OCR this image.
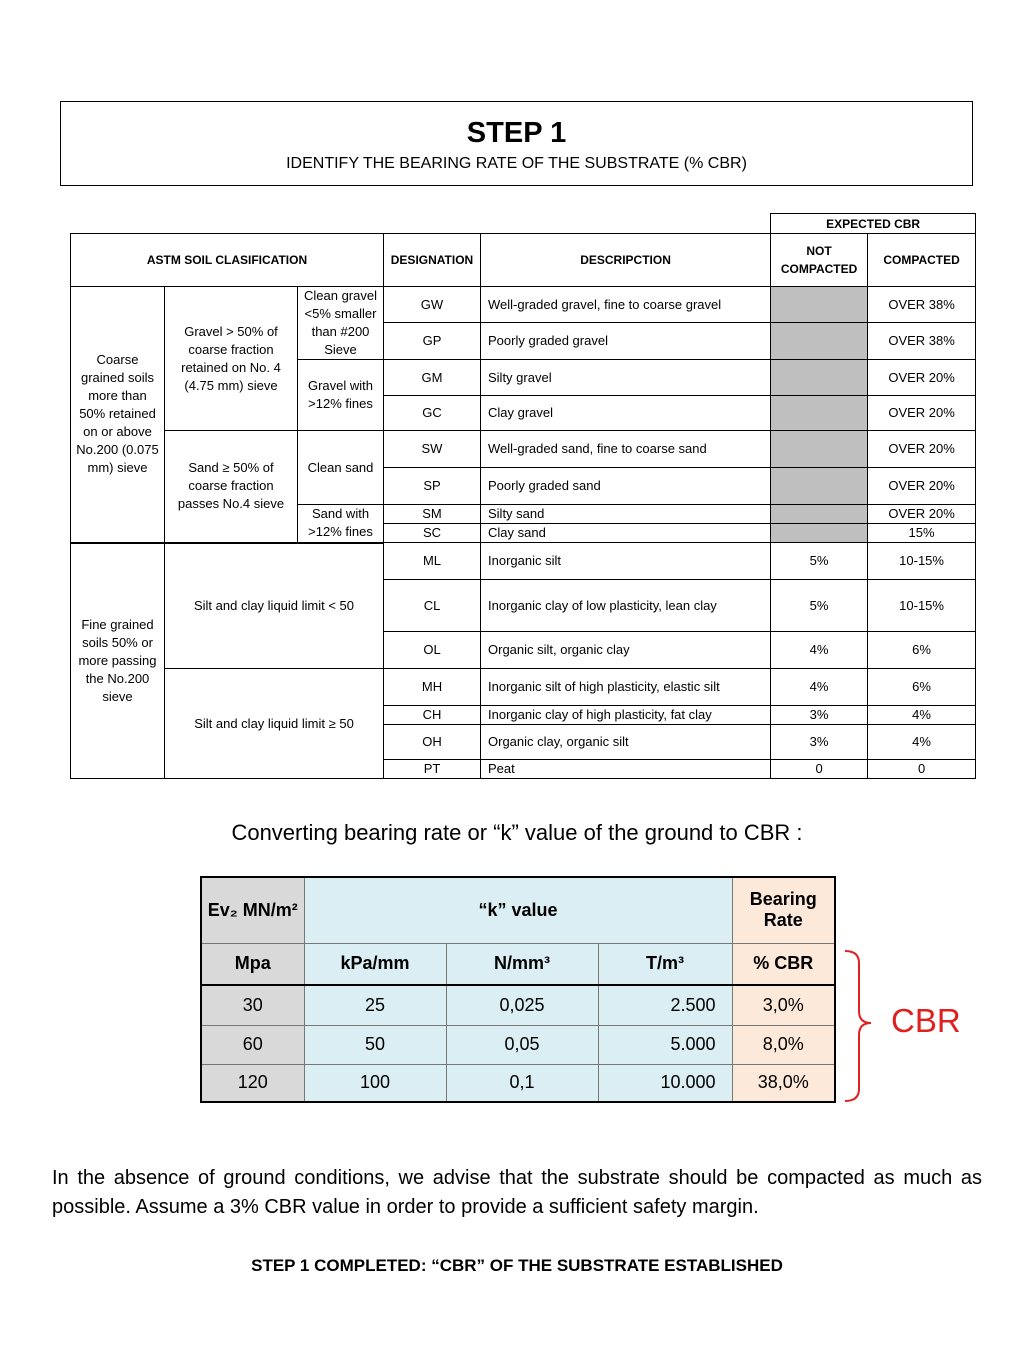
STEP 1
IDENTIFY THE BEARING RATE OF THE SUBSTRATE (% CBR)
					EXPECTED CBR	
ASTM SOIL CLASIFICATION			DESIGNATION	DESCRIPCTION	NOT COMPACTED	COMPACTED
Coarse grained soils more than 50% retained on or above No.200 (0.075 mm) sieve	Gravel > 50% of coarse fraction retained on No. 4 (4.75 mm) sieve	Clean gravel <5% smaller than #200 Sieve	GW	Well-graded gravel, fine to coarse gravel		OVER 38%
			GP	Poorly graded gravel		OVER 38%
		Gravel with >12% fines	GM	Silty gravel		OVER 20%
			GC	Clay gravel		OVER 20%
	Sand ≥ 50% of coarse fraction passes No.4 sieve	Clean sand	SW	Well-graded sand, fine to coarse sand		OVER 20%
			SP	Poorly graded sand		OVER 20%
		Sand with >12% fines	SM	Silty sand		OVER 20%
			SC	Clay sand		15%
Fine grained soils 50% or more passing the No.200 sieve	Silt and clay liquid limit < 50		ML	Inorganic silt	5%	10-15%
			CL	Inorganic clay of low plasticity, lean clay	5%	10-15%
			OL	Organic silt, organic clay	4%	6%
	Silt and clay liquid limit ≥ 50		MH	Inorganic silt of high plasticity, elastic silt	4%	6%
			CH	Inorganic clay of high plasticity, fat clay	3%	4%
			OH	Organic clay, organic silt	3%	4%
			PT	Peat	0	0
Converting bearing rate or “k” value of the ground to CBR :
Ev₂ MN/m²	“k” value			Bearing Rate
Mpa	kPa/mm	N/mm³	T/m³	% CBR
30	25	0,025	2.500	3,0%
60	50	0,05	5.000	8,0%
120	100	0,1	10.000	38,0%
CBR
In the absence of ground conditions, we advise that the substrate should be compacted as much as possible. Assume a 3% CBR value in order to provide a sufficient safety margin.
STEP 1 COMPLETED: “CBR” OF THE SUBSTRATE ESTABLISHED
